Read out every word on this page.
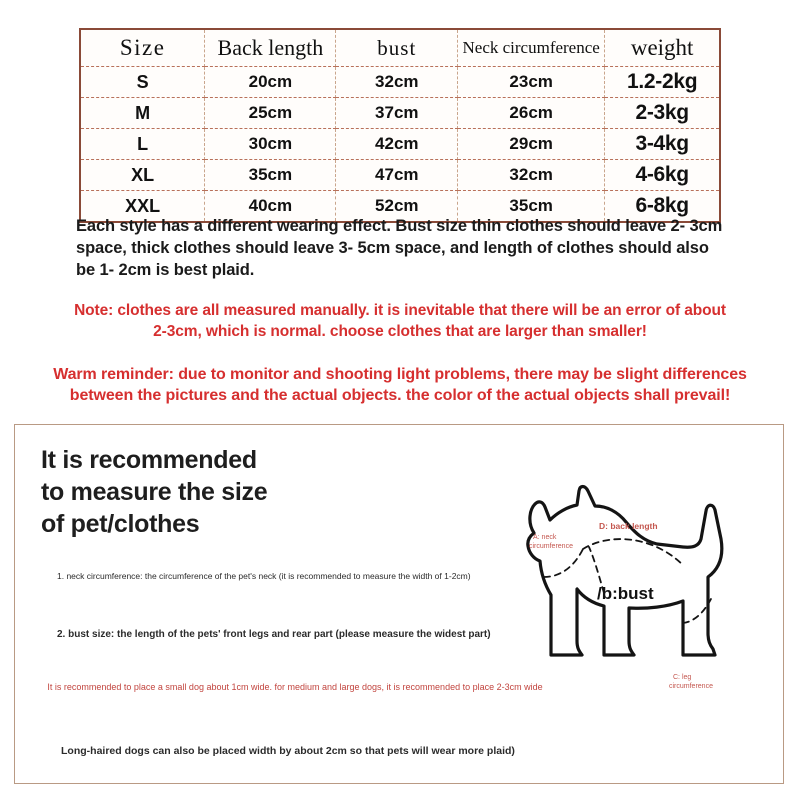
Size	Back length	bust	Neck circumference	weight
S	20cm	32cm	23cm	1.2-2kg
M	25cm	37cm	26cm	2-3kg
L	30cm	42cm	29cm	3-4kg
XL	35cm	47cm	32cm	4-6kg
XXL	40cm	52cm	35cm	6-8kg

Each style has a different wearing effect. Bust size thin clothes should leave 2- 3cm space, thick clothes should leave 3- 5cm space, and length of clothes should also be 1- 2cm is best plaid.

Note: clothes are all measured manually. it is inevitable that there will be an error of about 2-3cm, which is normal. choose clothes that are larger than smaller!

Warm reminder: due to monitor and shooting light problems, there may be slight differences between the pictures and the actual objects. the color of the actual objects shall prevail!

It is recommended
to measure the size
of pet/clothes
1. neck circumference: the circumference of the pet's neck (it is recommended to measure the width of 1-2cm)
2. bust size: the length of the pets' front legs and rear part (please measure the widest part)
It is recommended to place a small dog about 1cm wide. for medium and large dogs, it is recommended to place 2-3cm wide
Long-haired dogs can also be placed width by about 2cm so that pets will wear more plaid)
A: neck
circumference
D: back length
/b:bust
C: leg
circumference
